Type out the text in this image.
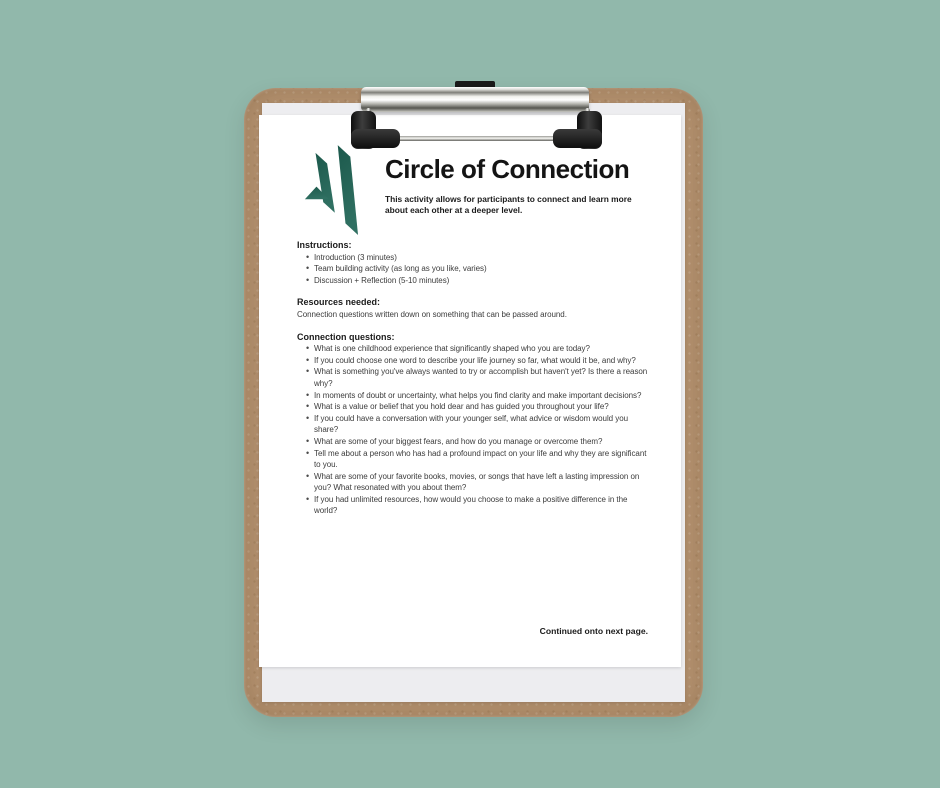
Circle of Connection
This activity allows for participants to connect and learn more about each other at a deeper level.

Instructions:

• Introduction (3 minutes)
• Team building activity (as long as you like, varies)
• Discussion + Reflection (5-10 minutes)

Resources needed:

Connection questions written down on something that can be passed around.

Connection questions:

• What is one childhood experience that significantly shaped who you are today?
• If you could choose one word to describe your life journey so far, what would it be, and why?
• What is something you've always wanted to try or accomplish but haven't yet? Is there a reason why?
• In moments of doubt or uncertainty, what helps you find clarity and make important decisions?
• What is a value or belief that you hold dear and has guided you throughout your life?
• If you could have a conversation with your younger self, what advice or wisdom would you share?
• What are some of your biggest fears, and how do you manage or overcome them?
• Tell me about a person who has had a profound impact on your life and why they are significant to you.
• What are some of your favorite books, movies, or songs that have left a lasting impression on you? What resonated with you about them?
• If you had unlimited resources, how would you choose to make a positive difference in the world?
Continued onto next page.
